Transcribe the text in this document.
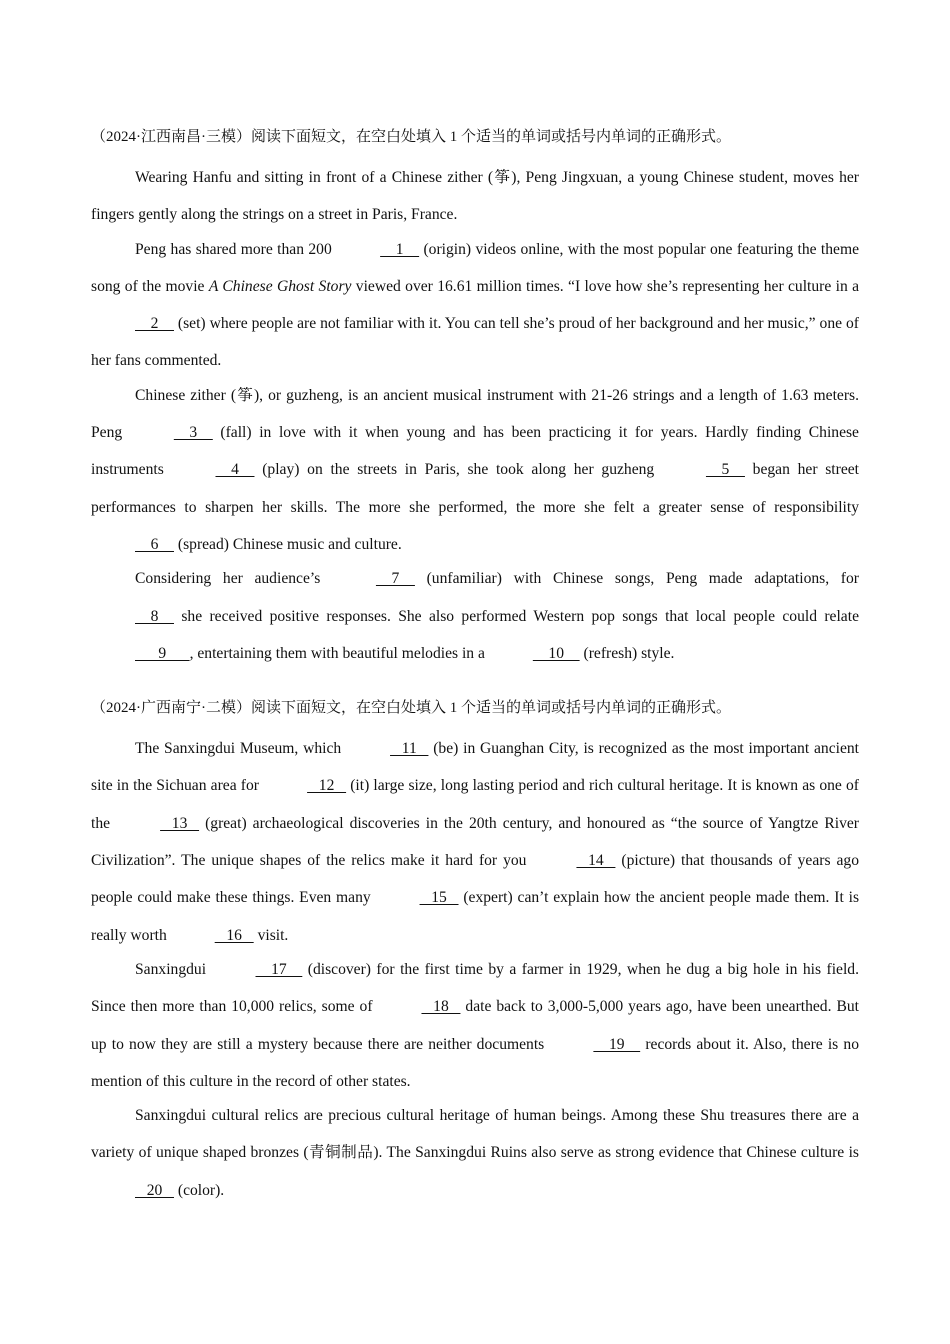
（2024·江西南昌·三模）阅读下面短文，在空白处填入 1 个适当的单词或括号内单词的正确形式。

Wearing Hanfu and sitting in front of a Chinese zither (筝), Peng Jingxuan, a young Chinese student, moves her fingers gently along the strings on a street in Paris, France.

Peng has shared more than 200	1     (origin) videos online, with the most popular one featuring the theme song of the movie A Chinese Ghost Story viewed over 16.61 million times. “I love how she’s representing her culture in a     2     (set) where people are not familiar with it. You can tell she’s proud of her background and her music,” one of her fans commented.

Chinese zither (筝), or guzheng, is an ancient musical instrument with 21-26 strings and a length of 1.63 meters. Peng	3     (fall) in love with it when young and has been practicing it for years. Hardly finding Chinese instruments	4     (play) on the streets in Paris, she took along her guzheng	5     began her street performances to sharpen her skills. The more she performed, the more she felt a greater sense of responsibility     6     (spread) Chinese music and culture.

Considering her audience’s	7     (unfamiliar) with Chinese songs, Peng made adaptations, for     8     she received positive responses. She also performed Western pop songs that local people could relate       9      , entertaining them with beautiful melodies in a	10     (refresh) style.

（2024·广西南宁·二模）阅读下面短文，在空白处填入 1 个适当的单词或括号内单词的正确形式。

The Sanxingdui Museum, which	11    (be) in Guanghan City, is recognized as the most important ancient site in the Sichuan area for	12    (it) large size, long lasting period and rich cultural heritage. It is known as one of the	13    (great) archaeological discoveries in the 20th century, and honoured as “the source of Yangtze River Civilization”. The unique shapes of the relics make it hard for you	14    (picture) that thousands of years ago people could make these things. Even many	15    (expert) can’t explain how the ancient people made them. It is really worth	16    visit.

Sanxingdui	17     (discover) for the first time by a farmer in 1929, when he dug a big hole in his field. Since then more than 10,000 relics, some of	18    date back to 3,000-5,000 years ago, have been unearthed. But up to now they are still a mystery because there are neither documents	19     records about it. Also, there is no mention of this culture in the record of other states.

Sanxingdui cultural relics are precious cultural heritage of human beings. Among these Shu treasures there are a variety of unique shaped bronzes (青铜制品). The Sanxingdui Ruins also serve as strong evidence that Chinese culture is    20    (color).
